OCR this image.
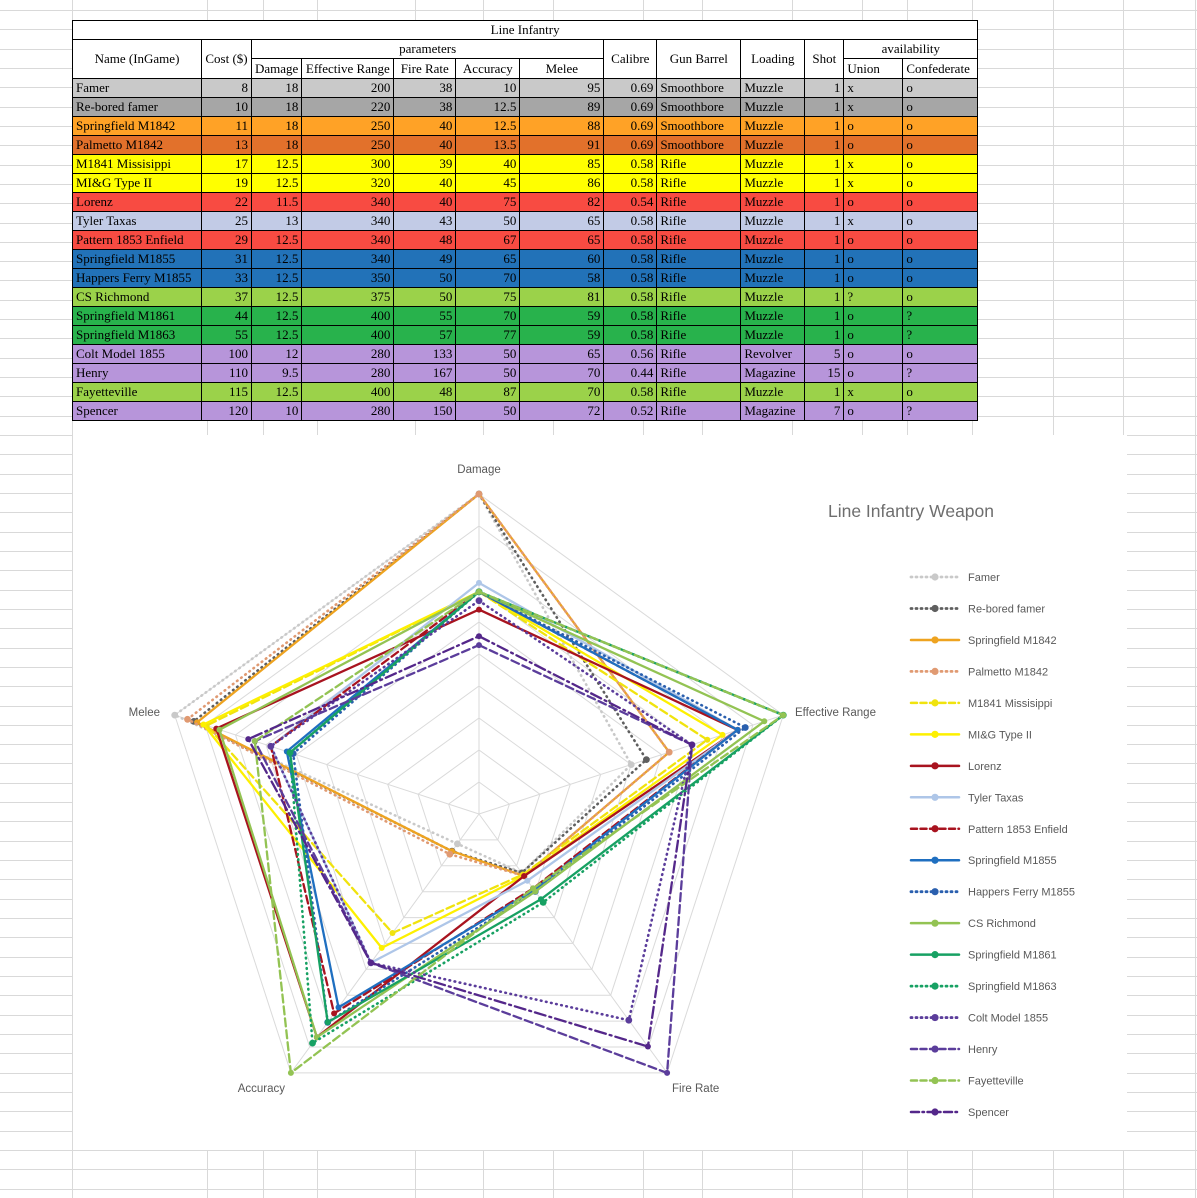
Line Infantry												
Name (InGame)	Cost ($)	parameters					Calibre	Gun Barrel	Loading	Shot	availability	
		Damage	Effective Range	Fire Rate	Accuracy	Melee					Union	Confederate
Famer	8	18	200	38	10	95	0.69	Smoothbore	Muzzle	1	x	o
Re-bored famer	10	18	220	38	12.5	89	0.69	Smoothbore	Muzzle	1	x	o
Springfield M1842	11	18	250	40	12.5	88	0.69	Smoothbore	Muzzle	1	o	o
Palmetto M1842	13	18	250	40	13.5	91	0.69	Smoothbore	Muzzle	1	o	o
M1841 Missisippi	17	12.5	300	39	40	85	0.58	Rifle	Muzzle	1	x	o
MI&G Type II	19	12.5	320	40	45	86	0.58	Rifle	Muzzle	1	x	o
Lorenz	22	11.5	340	40	75	82	0.54	Rifle	Muzzle	1	o	o
Tyler Taxas	25	13	340	43	50	65	0.58	Rifle	Muzzle	1	x	o
Pattern 1853 Enfield	29	12.5	340	48	67	65	0.58	Rifle	Muzzle	1	o	o
Springfield M1855	31	12.5	340	49	65	60	0.58	Rifle	Muzzle	1	o	o
Happers Ferry M1855	33	12.5	350	50	70	58	0.58	Rifle	Muzzle	1	o	o
CS Richmond	37	12.5	375	50	75	81	0.58	Rifle	Muzzle	1	?	o
Springfield M1861	44	12.5	400	55	70	59	0.58	Rifle	Muzzle	1	o	?
Springfield M1863	55	12.5	400	57	77	59	0.58	Rifle	Muzzle	1	o	?
Colt Model 1855	100	12	280	133	50	65	0.56	Rifle	Revolver	5	o	o
Henry	110	9.5	280	167	50	70	0.44	Rifle	Magazine	15	o	?
Fayetteville	115	12.5	400	48	87	70	0.58	Rifle	Muzzle	1	x	o
Spencer	120	10	280	150	50	72	0.52	Rifle	Magazine	7	o	?
Damage
Effective Range
Fire Rate
Accuracy
Melee
Line Infantry Weapon
Famer
Re-bored famer
Springfield M1842
Palmetto M1842
M1841 Missisippi
MI&G Type II
Lorenz
Tyler Taxas
Pattern 1853 Enfield
Springfield M1855
Happers Ferry M1855
CS Richmond
Springfield M1861
Springfield M1863
Colt Model 1855
Henry
Fayetteville
Spencer
